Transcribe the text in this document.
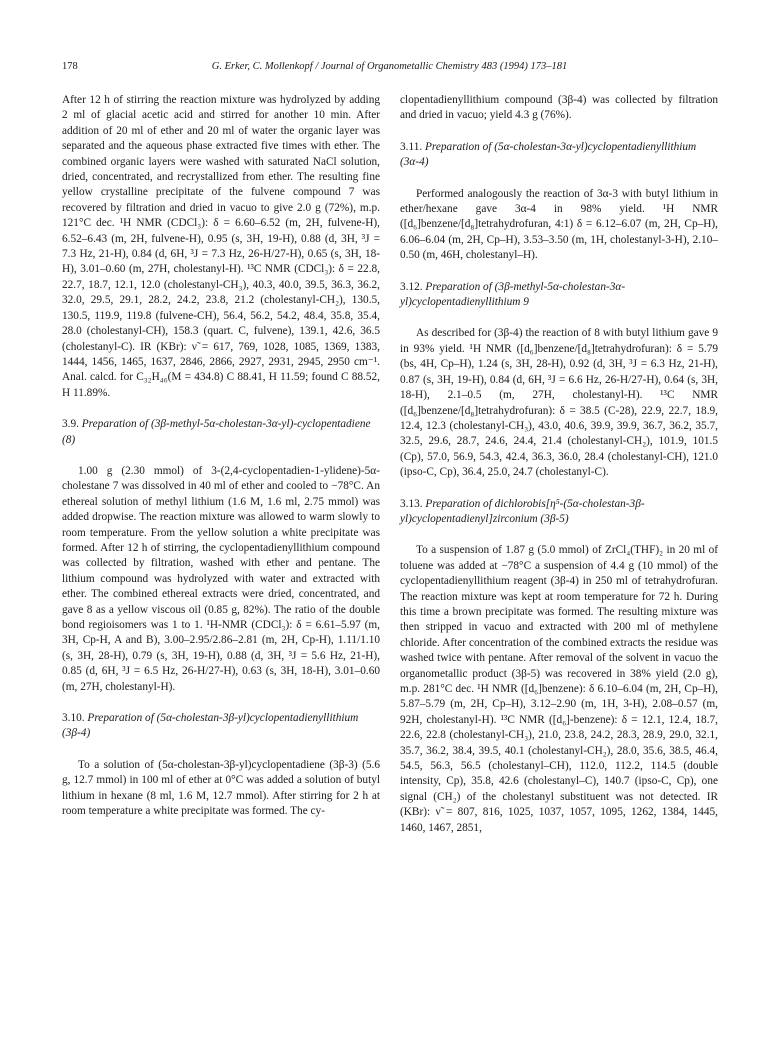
178	G. Erker, C. Mollenkopf / Journal of Organometallic Chemistry 483 (1994) 173–181

After 12 h of stirring the reaction mixture was hydrolyzed by adding 2 ml of glacial acetic acid and stirred for another 10 min. After addition of 20 ml of ether and 20 ml of water the organic layer was separated and the aqueous phase extracted five times with ether. The combined organic layers were washed with saturated NaCl solution, dried, concentrated, and recrystallized from ether. The resulting fine yellow crystalline precipitate of the fulvene compound 7 was recovered by filtration and dried in vacuo to give 2.0 g (72%), m.p. 121°C dec. ¹H NMR (CDCl₃): δ = 6.60–6.52 (m, 2H, fulvene-H), 6.52–6.43 (m, 2H, fulvene-H), 0.95 (s, 3H, 19-H), 0.88 (d, 3H, ³J = 7.3 Hz, 21-H), 0.84 (d, 6H, ³J = 7.3 Hz, 26-H/27-H), 0.65 (s, 3H, 18-H), 3.01–0.60 (m, 27H, cholestanyl-H). ¹³C NMR (CDCl₃): δ = 22.8, 22.7, 18.7, 12.1, 12.0 (cholestanyl-CH₃), 40.3, 40.0, 39.5, 36.3, 36.2, 32.0, 29.5, 29.1, 28.2, 24.2, 23.8, 21.2 (cholestanyl-CH₂), 130.5, 130.5, 119.9, 119.8 (fulvene-CH), 56.4, 56.2, 54.2, 48.4, 35.8, 35.4, 28.0 (cholestanyl-CH), 158.3 (quart. C, fulvene), 139.1, 42.6, 36.5 (cholestanyl-C). IR (KBr): ν̃ = 617, 769, 1028, 1085, 1369, 1383, 1444, 1456, 1465, 1637, 2846, 2866, 2927, 2931, 2945, 2950 cm⁻¹. Anal. calcd. for C₃₂H₄₆(M = 434.8) C 88.41, H 11.59; found C 88.52, H 11.89%.

3.9. Preparation of (3β-methyl-5α-cholestan-3α-yl)-cyclopentadiene (8)

1.00 g (2.30 mmol) of 3-(2,4-cyclopentadien-1-ylidene)-5α-cholestane 7 was dissolved in 40 ml of ether and cooled to −78°C. An ethereal solution of methyl lithium (1.6 M, 1.6 ml, 2.75 mmol) was added dropwise. The reaction mixture was allowed to warm slowly to room temperature. From the yellow solution a white precipitate was formed. After 12 h of stirring, the cyclopentadienyllithium compound was collected by filtration, washed with ether and pentane. The lithium compound was hydrolyzed with water and extracted with ether. The combined ethereal extracts were dried, concentrated, and gave 8 as a yellow viscous oil (0.85 g, 82%). The ratio of the double bond regioisomers was 1 to 1. ¹H-NMR (CDCl₃): δ = 6.61–5.97 (m, 3H, Cp-H, A and B), 3.00–2.95/2.86–2.81 (m, 2H, Cp-H), 1.11/1.10 (s, 3H, 28-H), 0.79 (s, 3H, 19-H), 0.88 (d, 3H, ³J = 5.6 Hz, 21-H), 0.85 (d, 6H, ³J = 6.5 Hz, 26-H/27-H), 0.63 (s, 3H, 18-H), 3.01–0.60 (m, 27H, cholestanyl-H).

3.10. Preparation of (5α-cholestan-3β-yl)cyclopentadienyllithium (3β-4)

To a solution of (5α-cholestan-3β-yl)cyclopentadiene (3β-3) (5.6 g, 12.7 mmol) in 100 ml of ether at 0°C was added a solution of butyl lithium in hexane (8 ml, 1.6 M, 12.7 mmol). After stirring for 2 h at room temperature a white precipitate was formed. The cy-

clopentadienyllithium compound (3β-4) was collected by filtration and dried in vacuo; yield 4.3 g (76%).

3.11. Preparation of (5α-cholestan-3α-yl)cyclopentadienyllithium (3α-4)

Performed analogously the reaction of 3α-3 with butyl lithium in ether/hexane gave 3α-4 in 98% yield. ¹H NMR ([d₆]benzene/[d₈]tetrahydrofuran, 4:1) δ = 6.12–6.07 (m, 2H, Cp–H), 6.06–6.04 (m, 2H, Cp–H), 3.53–3.50 (m, 1H, cholestanyl-3-H), 2.10–0.50 (m, 46H, cholestanyl–H).

3.12. Preparation of (3β-methyl-5α-cholestan-3α-yl)cyclopentadienyllithium 9

As described for (3β-4) the reaction of 8 with butyl lithium gave 9 in 93% yield. ¹H NMR ([d₆]benzene/[d₈]tetrahydrofuran): δ = 5.79 (bs, 4H, Cp–H), 1.24 (s, 3H, 28-H), 0.92 (d, 3H, ³J = 6.3 Hz, 21-H), 0.87 (s, 3H, 19-H), 0.84 (d, 6H, ³J = 6.6 Hz, 26-H/27-H), 0.64 (s, 3H, 18-H), 2.1–0.5 (m, 27H, cholestanyl-H). ¹³C NMR ([d₆]benzene/[d₈]tetrahydrofuran): δ = 38.5 (C-28), 22.9, 22.7, 18.9, 12.4, 12.3 (cholestanyl-CH₃), 43.0, 40.6, 39.9, 39.9, 36.7, 36.2, 35.7, 32.5, 29.6, 28.7, 24.6, 24.4, 21.4 (cholestanyl-CH₂), 101.9, 101.5 (Cp), 57.0, 56.9, 54.3, 42.4, 36.3, 36.0, 28.4 (cholestanyl-CH), 121.0 (ipso-C, Cp), 36.4, 25.0, 24.7 (cholestanyl-C).

3.13. Preparation of dichlorobis[η⁵-(5α-cholestan-3β-yl)cyclopentadienyl]zirconium (3β-5)

To a suspension of 1.87 g (5.0 mmol) of ZrCl₄(THF)₂ in 20 ml of toluene was added at −78°C a suspension of 4.4 g (10 mmol) of the cyclopentadienyllithium reagent (3β-4) in 250 ml of tetrahydrofuran. The reaction mixture was kept at room temperature for 72 h. During this time a brown precipitate was formed. The resulting mixture was then stripped in vacuo and extracted with 200 ml of methylene chloride. After concentration of the combined extracts the residue was washed twice with pentane. After removal of the solvent in vacuo the organometallic product (3β-5) was recovered in 38% yield (2.0 g), m.p. 281°C dec. ¹H NMR ([d₆]benzene): δ 6.10–6.04 (m, 2H, Cp–H), 5.87–5.79 (m, 2H, Cp–H), 3.12–2.90 (m, 1H, 3-H), 2.08–0.57 (m, 92H, cholestanyl-H). ¹³C NMR ([d₆]-benzene): δ = 12.1, 12.4, 18.7, 22.6, 22.8 (cholestanyl-CH₃), 21.0, 23.8, 24.2, 28.3, 28.9, 29.0, 32.1, 35.7, 36.2, 38.4, 39.5, 40.1 (cholestanyl-CH₂), 28.0, 35.6, 38.5, 46.4, 54.5, 56.3, 56.5 (cholestanyl–CH), 112.0, 112.2, 114.5 (double intensity, Cp), 35.8, 42.6 (cholestanyl–C), 140.7 (ipso-C, Cp), one signal (CH₂) of the cholestanyl substituent was not detected. IR (KBr): ν̃ = 807, 816, 1025, 1037, 1057, 1095, 1262, 1384, 1445, 1460, 1467, 2851,
